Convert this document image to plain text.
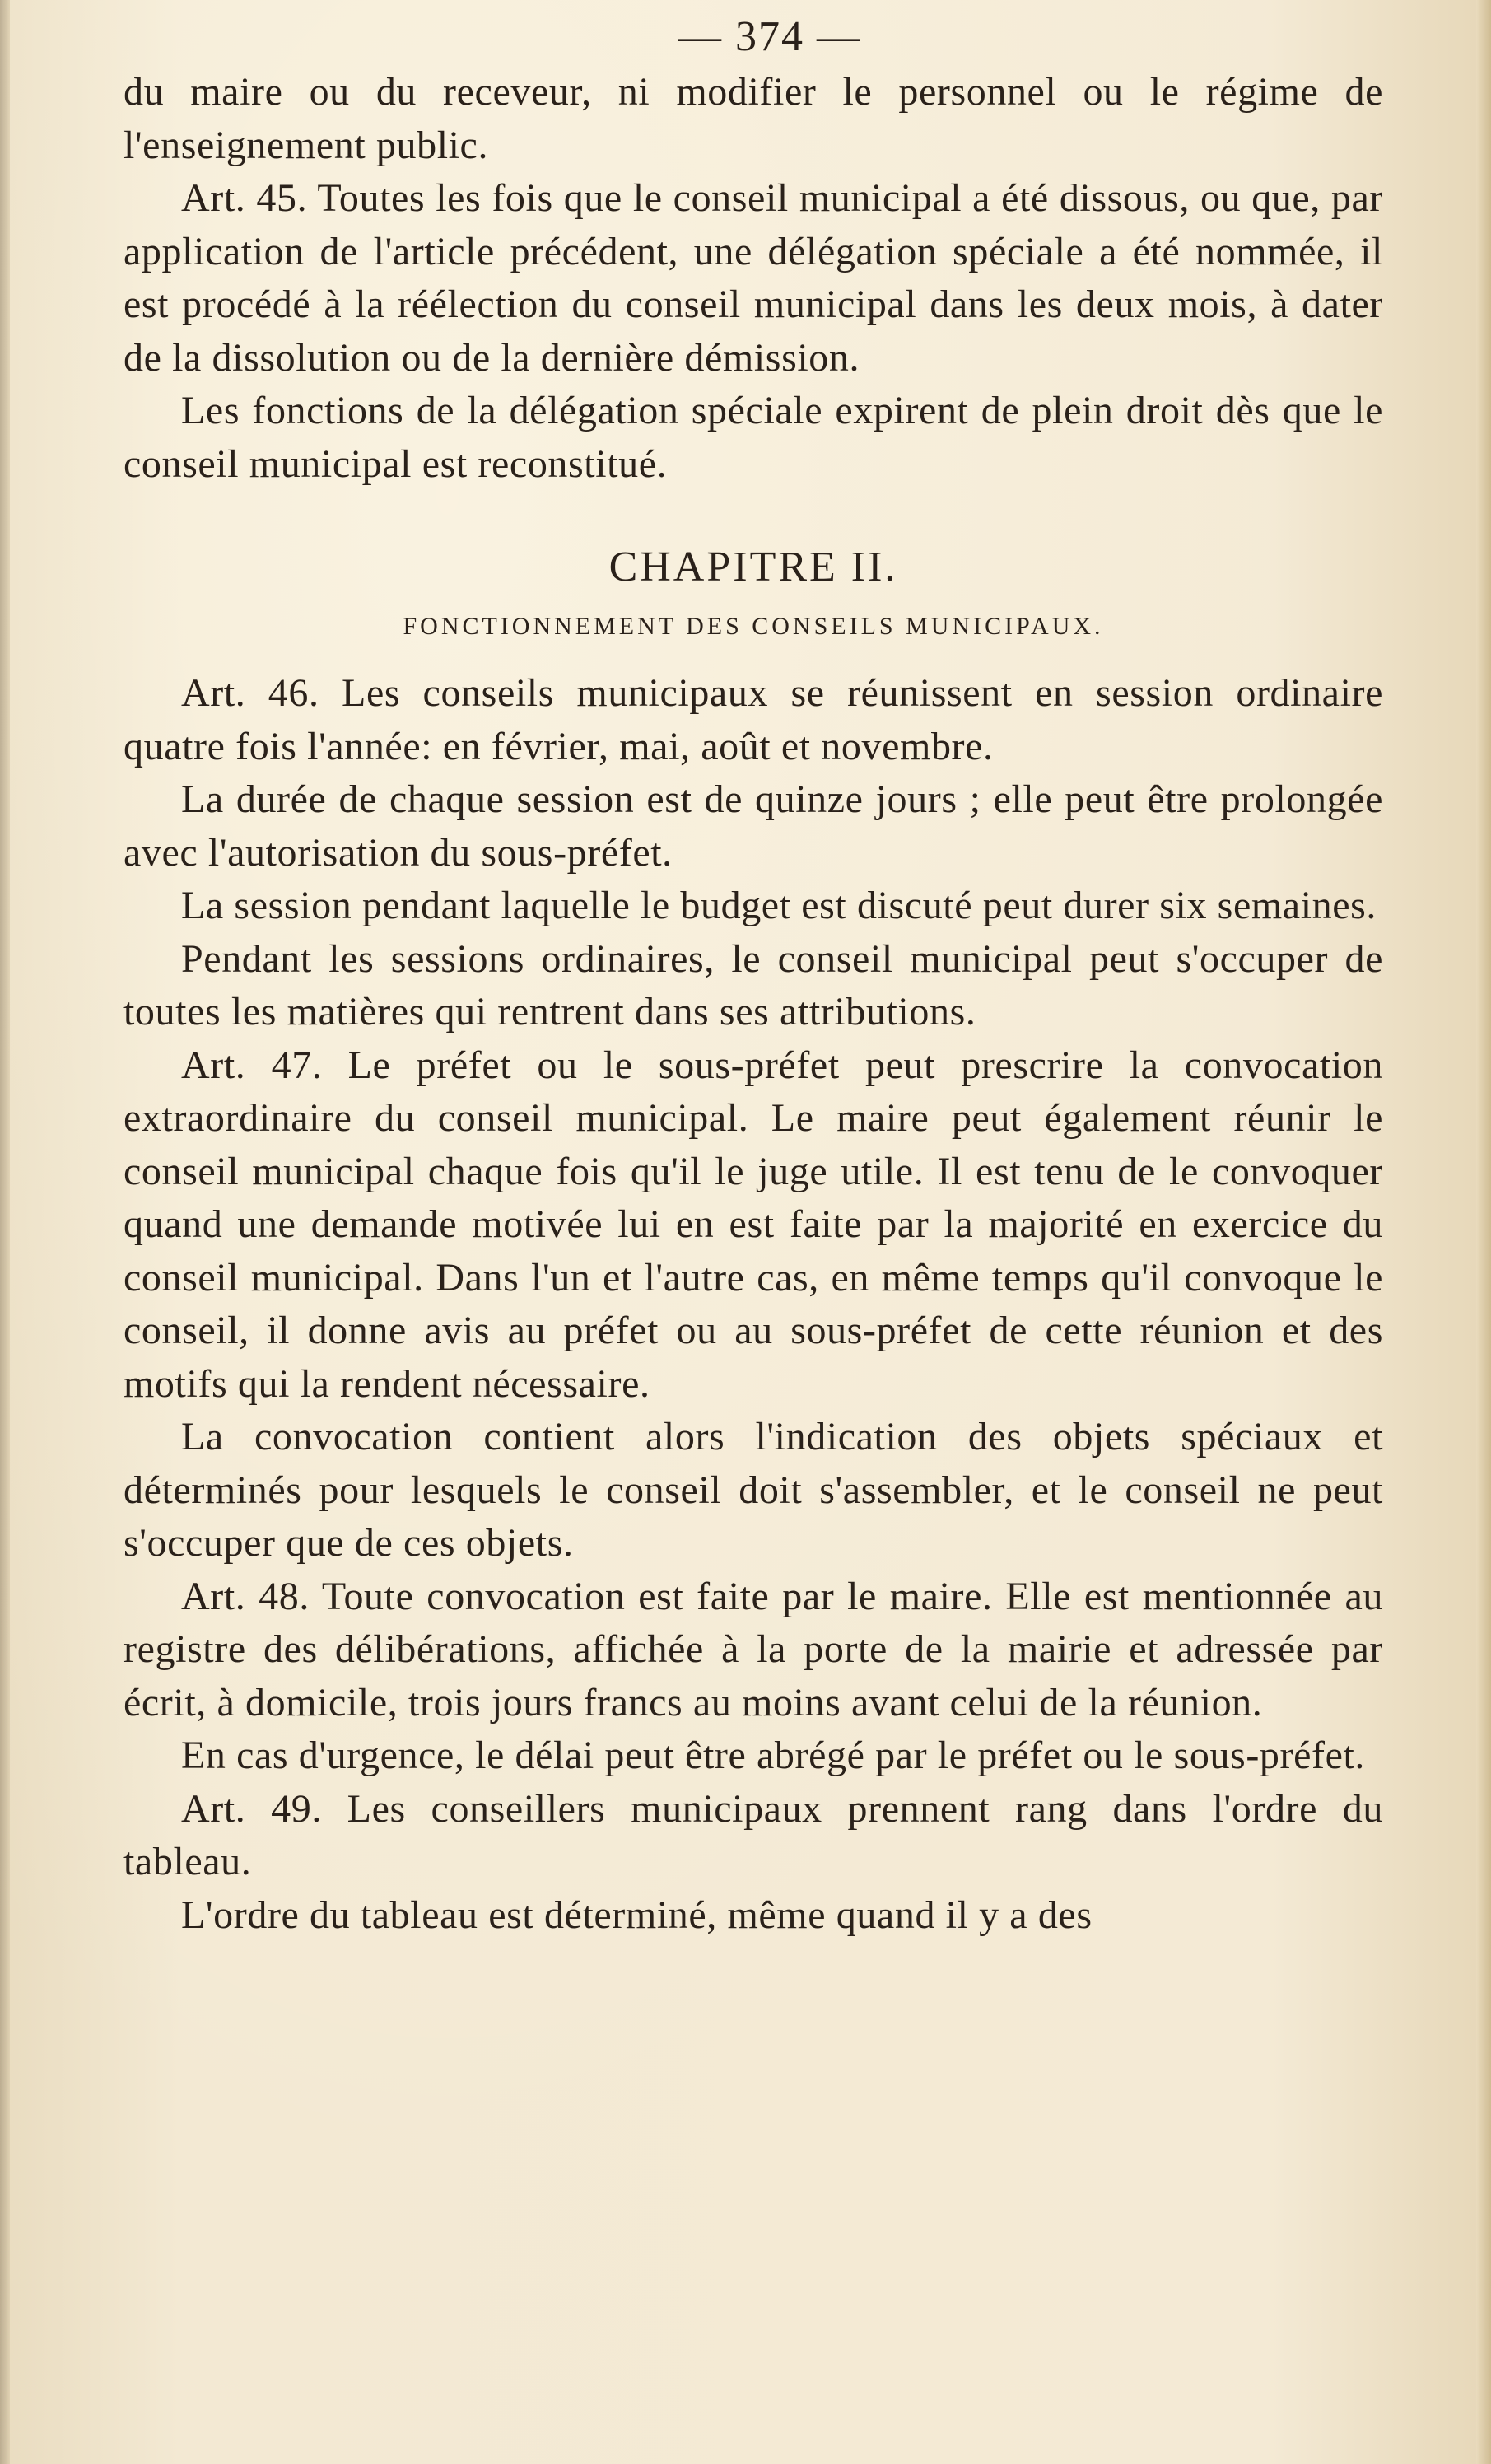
— 374 —

du maire ou du receveur, ni modifier le personnel ou le régime de l'enseignement public.

Art. 45. Toutes les fois que le conseil municipal a été dissous, ou que, par application de l'article précédent, une délégation spéciale a été nommée, il est procédé à la réélection du conseil municipal dans les deux mois, à dater de la dissolution ou de la dernière démission.

Les fonctions de la délégation spéciale expirent de plein droit dès que le conseil municipal est reconstitué.

CHAPITRE II.
FONCTIONNEMENT DES CONSEILS MUNICIPAUX.

Art. 46. Les conseils municipaux se réunissent en session ordinaire quatre fois l'année: en février, mai, août et novembre.

La durée de chaque session est de quinze jours ; elle peut être prolongée avec l'autorisation du sous-préfet.

La session pendant laquelle le budget est discuté peut durer six semaines.

Pendant les sessions ordinaires, le conseil municipal peut s'occuper de toutes les matières qui rentrent dans ses attributions.

Art. 47. Le préfet ou le sous-préfet peut prescrire la convocation extraordinaire du conseil municipal. Le maire peut également réunir le conseil municipal chaque fois qu'il le juge utile. Il est tenu de le convoquer quand une demande motivée lui en est faite par la majorité en exercice du conseil municipal. Dans l'un et l'autre cas, en même temps qu'il convoque le conseil, il donne avis au préfet ou au sous-préfet de cette réunion et des motifs qui la rendent nécessaire.

La convocation contient alors l'indication des objets spéciaux et déterminés pour lesquels le conseil doit s'assembler, et le conseil ne peut s'occuper que de ces objets.

Art. 48. Toute convocation est faite par le maire. Elle est mentionnée au registre des délibérations, affichée à la porte de la mairie et adressée par écrit, à domicile, trois jours francs au moins avant celui de la réunion.

En cas d'urgence, le délai peut être abrégé par le préfet ou le sous-préfet.

Art. 49. Les conseillers municipaux prennent rang dans l'ordre du tableau.

L'ordre du tableau est déterminé, même quand il y a des
